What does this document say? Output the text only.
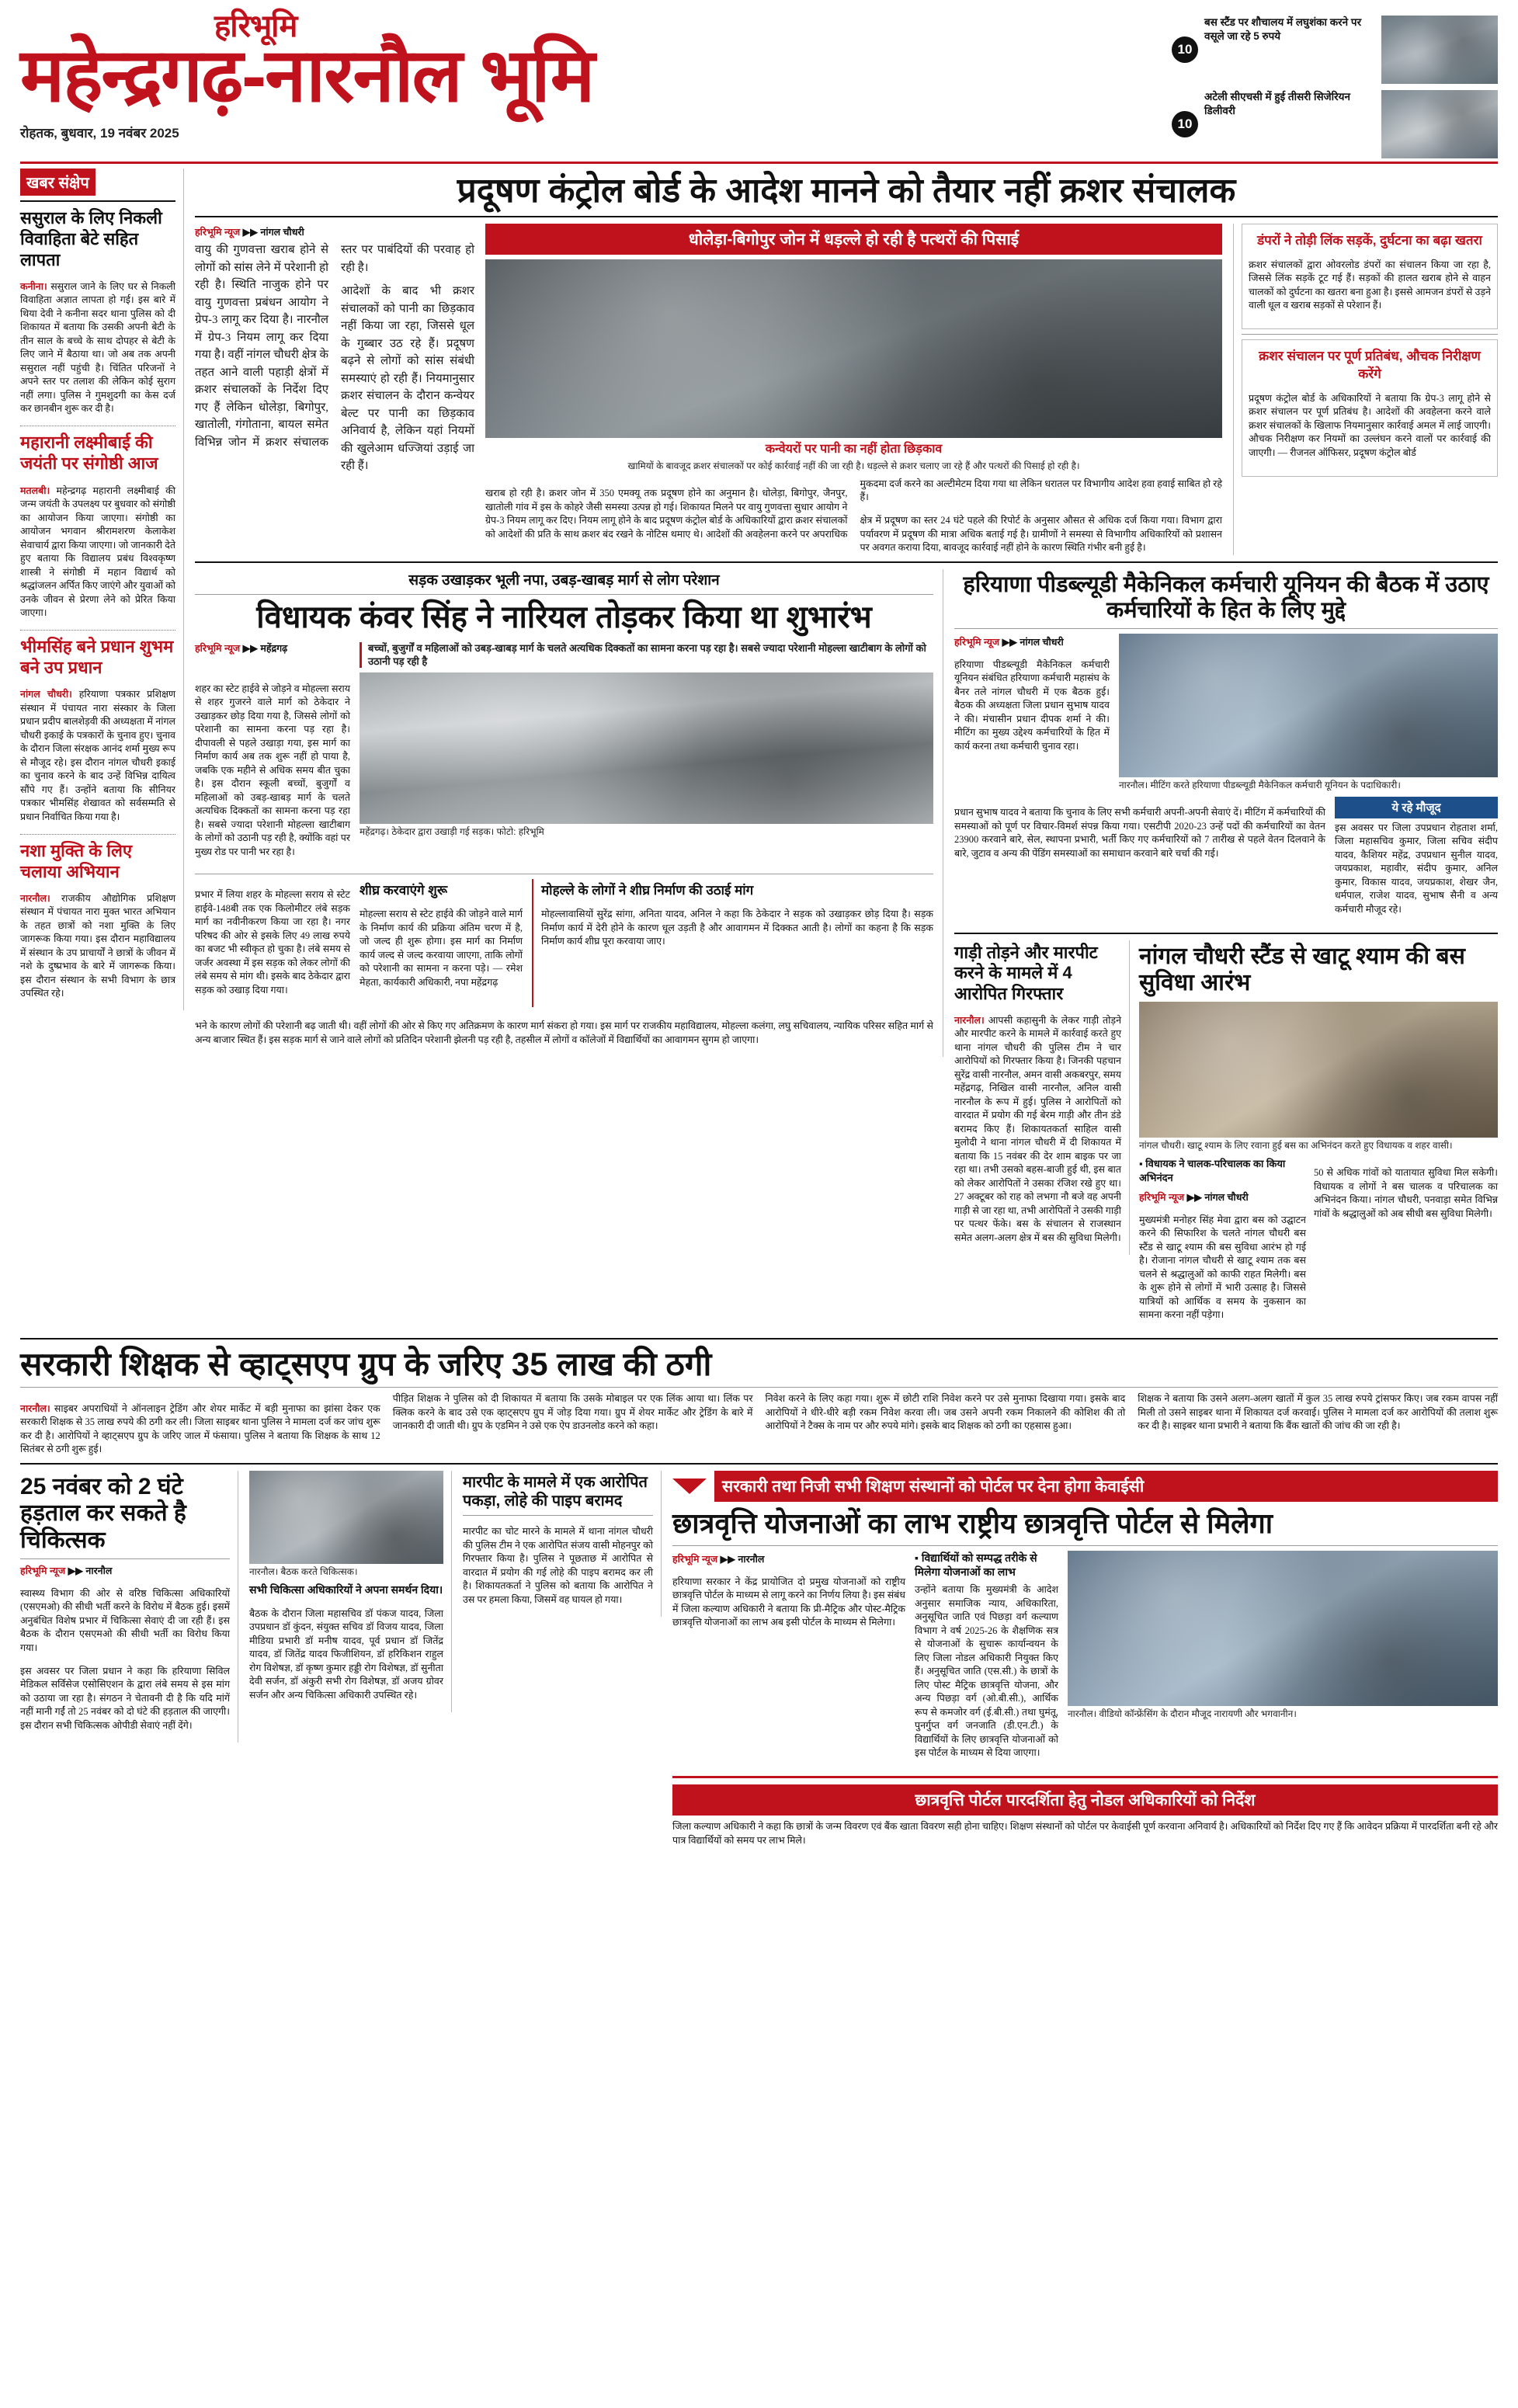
हरिभूमि
महेन्द्रगढ़-नारनौल भूमि
रोहतक, बुधवार, 19 नवंबर 2025
10
बस स्टैंड पर शौचालय में लघुशंका करने पर वसूले जा रहे 5 रुपये
10
अटेली सीएचसी में हुई तीसरी सिजेरियन डिलीवरी
खबर संक्षेप
ससुराल के लिए निकली विवाहिता बेटे सहित लापता

कनीना। ससुराल जाने के लिए घर से निकली विवाहिता अज्ञात लापता हो गई। इस बारे में थिया देवी ने कनीना सदर थाना पुलिस को दी शिकायत में बताया कि उसकी अपनी बेटी के तीन साल के बच्चे के साथ दोपहर से बेटी के लिए जाने में बैठाया था। जो अब तक अपनी ससुराल नहीं पहुंची है। चिंतित परिजनों ने अपने स्तर पर तलाश की लेकिन कोई सुराग नहीं लगा। पुलिस ने गुमशुदगी का केस दर्ज कर छानबीन शुरू कर दी है।

महारानी लक्ष्मीबाई की जयंती पर संगोष्ठी आज

मतलबी। महेन्द्रगढ़ महारानी लक्ष्मीबाई की जन्म जयंती के उपलक्ष्य पर बुधवार को संगोष्ठी का आयोजन किया जाएगा। संगोष्ठी का आयोजन भगवान श्रीरामशरण केलाकेश सेवाचार्य द्वारा किया जाएगा। जो जानकारी देते हुए बताया कि विद्यालय प्रबंध विश्वकृष्ण शास्त्री ने संगोष्ठी में महान विद्यार्थ को श्रद्धांजलन अर्पित किए जाएंगे और युवाओं को उनके जीवन से प्रेरणा लेने को प्रेरित किया जाएगा।

भीमसिंह बने प्रधान शुभम बने उप प्रधान

नांगल चौधरी। हरियाणा पत्रकार प्रशिक्षण संस्थान में पंचायत नारा संस्कार के जिला प्रधान प्रदीप बालशेड़वी की अध्यक्षता में नांगल चौधरी इकाई के पत्रकारों के चुनाव हुए। चुनाव के दौरान जिला संरक्षक आनंद शर्मा मुख्य रूप से मौजूद रहे। इस दौरान नांगल चौधरी इकाई का चुनाव करने के बाद उन्हें विभिन्न दायित्व सौंपे गए हैं। उन्होंने बताया कि सीनियर पत्रकार भीमसिंह शेखावत को सर्वसम्मति से प्रधान निर्वाचित किया गया है।

नशा मुक्ति के लिए चलाया अभियान

नारनौल। राजकीय औद्योगिक प्रशिक्षण संस्थान में पंचायत नारा मुक्त भारत अभियान के तहत छात्रों को नशा मुक्ति के लिए जागरूक किया गया। इस दौरान महाविद्यालय में संस्थान के उप प्राचार्यों ने छात्रों के जीवन में नशे के दुष्प्रभाव के बारे में जागरूक किया। इस दौरान संस्थान के सभी विभाग के छात्र उपस्थित रहे।

प्रदूषण कंट्रोल बोर्ड के आदेश मानने को तैयार नहीं क्रशर संचालक
हरिभूमि न्यूज ▶▶ नांगल चौधरी

वायु की गुणवत्ता खराब होने से लोगों को सांस लेने में परेशानी हो रही है। स्थिति नाजुक होने पर वायु गुणवत्ता प्रबंधन आयोग ने ग्रेप-3 लागू कर दिया है। नारनौल में ग्रेप-3 नियम लागू कर दिया गया है। वहीं नांगल चौधरी क्षेत्र के तहत आने वाली पहाड़ी क्षेत्रों में क्रशर संचालकों के निर्देश दिए गए हैं लेकिन धोलेड़ा, बिगोपुर, खातोली, गंगोताना, बायल समेत विभिन्न जोन में क्रशर संचालक स्तर पर पाबंदियों की परवाह हो रही है।

आदेशों के बाद भी क्रशर संचालकों को पानी का छिड़काव नहीं किया जा रहा, जिससे धूल के गुब्बार उठ रहे हैं। प्रदूषण बढ़ने से लोगों को सांस संबंधी समस्याएं हो रही हैं। नियमानुसार क्रशर संचालन के दौरान कन्वेयर बेल्ट पर पानी का छिड़काव अनिवार्य है, लेकिन यहां नियमों की खुलेआम धज्जियां उड़ाई जा रही हैं।

धोलेड़ा-बिगोपुर जोन में धड़ल्ले हो रही है पत्थरों की पिसाई
कन्वेयरों पर पानी का नहीं होता छिड़काव
खामियों के बावजूद क्रशर संचालकों पर कोई कार्रवाई नहीं की जा रही है। धड़ल्ले से क्रशर चलाए जा रहे हैं और पत्थरों की पिसाई हो रही है।

खराब हो रही है। क्रशर जोन में 350 एमक्यू तक प्रदूषण होने का अनुमान है। धोलेड़ा, बिगोपुर, जैनपुर, खातोली गांव में इस के कोहरे जैसी समस्या उत्पन्न हो गई। शिकायत मिलने पर वायु गुणवत्ता सुधार आयोग ने ग्रेप-3 नियम लागू कर दिए। नियम लागू होने के बाद प्रदूषण कंट्रोल बोर्ड के अधिकारियों द्वारा क्रशर संचालकों को आदेशों की प्रति के साथ क्रशर बंद रखने के नोटिस थमाए थे। आदेशों की अवहेलना करने पर अपराधिक मुकदमा दर्ज करने का अल्टीमेटम दिया गया था लेकिन धरातल पर विभागीय आदेश हवा हवाई साबित हो रहे हैं।

क्षेत्र में प्रदूषण का स्तर 24 घंटे पहले की रिपोर्ट के अनुसार औसत से अधिक दर्ज किया गया। विभाग द्वारा पर्यावरण में प्रदूषण की मात्रा अधिक बताई गई है। ग्रामीणों ने समस्या से विभागीय अधिकारियों को प्रशासन पर अवगत कराया दिया, बावजूद कार्रवाई नहीं होने के कारण स्थिति गंभीर बनी हुई है।

डंपरों ने तोड़ी लिंक सड़कें, दुर्घटना का बढ़ा खतरा

क्रशर संचालकों द्वारा ओवरलोड डंपरों का संचालन किया जा रहा है, जिससे लिंक सड़कें टूट गई हैं। सड़कों की हालत खराब होने से वाहन चालकों को दुर्घटना का खतरा बना हुआ है। इससे आमजन डंपरों से उड़ने वाली धूल व खराब सड़कों से परेशान हैं।

क्रशर संचालन पर पूर्ण प्रतिबंध, औचक निरीक्षण करेंगे

प्रदूषण कंट्रोल बोर्ड के अधिकारियों ने बताया कि ग्रेप-3 लागू होने से क्रशर संचालन पर पूर्ण प्रतिबंध है। आदेशों की अवहेलना करने वाले क्रशर संचालकों के खिलाफ नियमानुसार कार्रवाई अमल में लाई जाएगी। औचक निरीक्षण कर नियमों का उल्लंघन करने वालों पर कार्रवाई की जाएगी। — रीजनल ऑफिसर, प्रदूषण कंट्रोल बोर्ड

सड़क उखाड़कर भूली नपा, उबड़-खाबड़ मार्ग से लोग परेशान
विधायक कंवर सिंह ने नारियल तोड़कर किया था शुभारंभ
हरिभूमि न्यूज ▶▶ महेंद्रगढ़	बच्चों, बुजुर्गों व महिलाओं को उबड़-खाबड़ मार्ग के चलते अत्यधिक दिक्कतों का सामना करना पड़ रहा है। सबसे ज्यादा परेशानी मोहल्ला खाटीबाग के लोगों को उठानी पड़ रही है

शहर का स्टेट हाईवे से जोड़ने व मोहल्ला सराय से शहर गुजरने वाले मार्ग को ठेकेदार ने उखाड़कर छोड़ दिया गया है, जिससे लोगों को परेशानी का सामना करना पड़ रहा है। दीपावली से पहले उखाड़ा गया, इस मार्ग का निर्माण कार्य अब तक शुरू नहीं हो पाया है, जबकि एक महीने से अधिक समय बीत चुका है। इस दौरान स्कूली बच्चों, बुजुर्गों व महिलाओं को उबड़-खाबड़ मार्ग के चलते अत्यधिक दिक्कतों का सामना करना पड़ रहा है। सबसे ज्यादा परेशानी मोहल्ला खाटीबाग के लोगों को उठानी पड़ रही है, क्योंकि वहां पर मुख्य रोड पर पानी भर रहा है।

महेंद्रगढ़। ठेकेदार द्वारा उखाड़ी गई सड़क। फोटो: हरिभूमि

प्रभार में लिया शहर के मोहल्ला सराय से स्टेट हाईवे-148बी तक एक किलोमीटर लंबे सड़क मार्ग का नवीनीकरण किया जा रहा है। नगर परिषद की ओर से इसके लिए 49 लाख रुपये का बजट भी स्वीकृत हो चुका है। लंबे समय से जर्जर अवस्था में इस सड़क को लेकर लोगों की लंबे समय से मांग थी। इसके बाद ठेकेदार द्वारा सड़क को उखाड़ दिया गया।

शीघ्र करवाएंगे शुरू

मोहल्ला सराय से स्टेट हाईवे की जोड़ने वाले मार्ग के निर्माण कार्य की प्रक्रिया अंतिम चरण में है, जो जल्द ही शुरू होगा। इस मार्ग का निर्माण कार्य जल्द से जल्द करवाया जाएगा, ताकि लोगों को परेशानी का सामना न करना पड़े। — रमेश मेहता, कार्यकारी अधिकारी, नपा महेंद्रगढ़

मोहल्ले के लोगों ने शीघ्र निर्माण की उठाई मांग

मोहल्लावासियों सुरेंद्र सांगा, अनिता यादव, अनिल ने कहा कि ठेकेदार ने सड़क को उखाड़कर छोड़ दिया है। सड़क निर्माण कार्य में देरी होने के कारण धूल उड़ती है और आवागमन में दिक्कत आती है। लोगों का कहना है कि सड़क निर्माण कार्य शीघ्र पूरा करवाया जाए।

भने के कारण लोगों की परेशानी बढ़ जाती थी। वहीं लोगों की ओर से किए गए अतिक्रमण के कारण मार्ग संकरा हो गया। इस मार्ग पर राजकीय महाविद्यालय, मोहल्ला कलंगा, लघु सचिवालय, न्यायिक परिसर सहित मार्ग से अन्य बाजार स्थित हैं। इस सड़क मार्ग से जाने वाले लोगों को प्रतिदिन परेशानी झेलनी पड़ रही है, तहसील में लोगों व कॉलेजों में विद्यार्थियों का आवागमन सुगम हो जाएगा।

हरियाणा पीडब्ल्यूडी मैकेनिकल कर्मचारी यूनियन की बैठक में उठाए कर्मचारियों के हित के लिए मुद्दे
हरिभूमि न्यूज ▶▶ नांगल चौधरी

हरियाणा पीडब्ल्यूडी मैकेनिकल कर्मचारी यूनियन संबंधित हरियाणा कर्मचारी महासंघ के बैनर तले नांगल चौधरी में एक बैठक हुई। बैठक की अध्यक्षता जिला प्रधान सुभाष यादव ने की। मंचासीन प्रधान दीपक शर्मा ने की। मीटिंग का मुख्य उद्देश्य कर्मचारियों के हित में कार्य करना तथा कर्मचारी चुनाव रहा।

नारनौल। मीटिंग करते हरियाणा पीडब्ल्यूडी मैकेनिकल कर्मचारी यूनियन के पदाधिकारी।

प्रधान सुभाष यादव ने बताया कि चुनाव के लिए सभी कर्मचारी अपनी-अपनी सेवाएं दें। मीटिंग में कर्मचारियों की समस्याओं को पूर्ण पर विचार-विमर्श संपन्न किया गया। एसटीपी 2020-23 उन्हें पदों की कर्मचारियों का वेतन 23900 करवाने बारे, सेल, स्थापना प्रभारी, भर्ती किए गए कर्मचारियों को 7 तारीख से पहले वेतन दिलवाने के बारे, जुटाव व अन्य की पेंडिंग समस्याओं का समाधान करवाने बारे चर्चा की गई।

ये रहे मौजूद

इस अवसर पर जिला उपप्रधान रोहताश शर्मा, जिला महासचिव कुमार, जिला सचिव संदीप यादव, कैशियर महेंद्र, उपप्रधान सुनील यादव, जयप्रकाश, महावीर, संदीप कुमार, अनिल कुमार, विकास यादव, जयप्रकाश, शेखर जैन, धर्मपाल, राजेश यादव, सुभाष सैनी व अन्य कर्मचारी मौजूद रहे।

गाड़ी तोड़ने और मारपीट करने के मामले में 4 आरोपित गिरफ्तार

नारनौल। आपसी कहासुनी के लेकर गाड़ी तोड़ने और मारपीट करने के मामले में कार्रवाई करते हुए थाना नांगल चौधरी की पुलिस टीम ने चार आरोपियों को गिरफ्तार किया है। जिनकी पहचान सुरेंद्र वासी नारनौल, अमन वासी अकबरपुर, समय महेंद्रगढ़, निखिल वासी नारनौल, अनिल वासी नारनौल के रूप में हुई। पुलिस ने आरोपितों को वारदात में प्रयोग की गई बेरम गाड़ी और तीन डंडे बरामद किए हैं। शिकायतकर्ता साहिल वासी मुलोदी ने थाना नांगल चौधरी में दी शिकायत में बताया कि 15 नवंबर की देर शाम बाइक पर जा रहा था। तभी उसको बहस-बाजी हुई थी, इस बात को लेकर आरोपितों ने उसका रंजिश रखे हुए था। 27 अक्टूबर को राह को लभगा नौ बजे वह अपनी गाड़ी से जा रहा था, तभी आरोपितों ने उसकी गाड़ी पर पत्थर फेंके। बस के संचालन से राजस्थान समेत अलग-अलग क्षेत्र में बस की सुविधा मिलेगी।

नांगल चौधरी स्टैंड से खाटू श्याम की बस सुविधा आरंभ
नांगल चौधरी। खाटू श्याम के लिए रवाना हुई बस का अभिनंदन करते हुए विधायक व शहर वासी।
▪ विधायक ने चालक-परिचालक का किया अभिनंदन
हरिभूमि न्यूज ▶▶ नांगल चौधरी

मुख्यमंत्री मनोहर सिंह मेवा द्वारा बस को उद्घाटन करने की सिफारिश के चलते नांगल चौधरी बस स्टैंड से खाटू श्याम की बस सुविधा आरंभ हो गई है। रोजाना नांगल चौधरी से खाटू श्याम तक बस चलने से श्रद्धालुओं को काफी राहत मिलेगी। बस के शुरू होने से लोगों में भारी उत्साह है। जिससे यात्रियों को आर्थिक व समय के नुकसान का सामना करना नहीं पड़ेगा।

50 से अधिक गांवों को यातायात सुविधा मिल सकेगी। विधायक व लोगों ने बस चालक व परिचालक का अभिनंदन किया। नांगल चौधरी, पनवाड़ा समेत विभिन्न गांवों के श्रद्धालुओं को अब सीधी बस सुविधा मिलेगी।

सरकारी शिक्षक से व्हाट्सएप ग्रुप के जरिए 35 लाख की ठगी

नारनौल। साइबर अपराधियों ने ऑनलाइन ट्रेडिंग और शेयर मार्केट में बड़ी मुनाफा का झांसा देकर एक सरकारी शिक्षक से 35 लाख रुपये की ठगी कर ली। जिला साइबर थाना पुलिस ने मामला दर्ज कर जांच शुरू कर दी है। आरोपियों ने व्हाट्सएप ग्रुप के जरिए जाल में फंसाया। पुलिस ने बताया कि शिक्षक के साथ 12 सितंबर से ठगी शुरू हुई।

पीड़ित शिक्षक ने पुलिस को दी शिकायत में बताया कि उसके मोबाइल पर एक लिंक आया था। लिंक पर क्लिक करने के बाद उसे एक व्हाट्सएप ग्रुप में जोड़ दिया गया। ग्रुप में शेयर मार्केट और ट्रेडिंग के बारे में जानकारी दी जाती थी। ग्रुप के एडमिन ने उसे एक ऐप डाउनलोड करने को कहा।

निवेश करने के लिए कहा गया। शुरू में छोटी राशि निवेश करने पर उसे मुनाफा दिखाया गया। इसके बाद आरोपियों ने धीरे-धीरे बड़ी रकम निवेश करवा ली। जब उसने अपनी रकम निकालने की कोशिश की तो आरोपियों ने टैक्स के नाम पर और रुपये मांगे। इसके बाद शिक्षक को ठगी का एहसास हुआ।

शिक्षक ने बताया कि उसने अलग-अलग खातों में कुल 35 लाख रुपये ट्रांसफर किए। जब रकम वापस नहीं मिली तो उसने साइबर थाना में शिकायत दर्ज करवाई। पुलिस ने मामला दर्ज कर आरोपियों की तलाश शुरू कर दी है। साइबर थाना प्रभारी ने बताया कि बैंक खातों की जांच की जा रही है।

25 नवंबर को 2 घंटे हड़ताल कर सकते है चिकित्सक
हरिभूमि न्यूज ▶▶ नारनौल

स्वास्थ्य विभाग की ओर से वरिष्ठ चिकित्सा अधिकारियों (एसएमओ) की सीधी भर्ती करने के विरोध में बैठक हुई। इसमें अनुबंधित विशेष प्रभार में चिकित्सा सेवाएं दी जा रही हैं। इस बैठक के दौरान एसएमओ की सीधी भर्ती का विरोध किया गया।

इस अवसर पर जिला प्रधान ने कहा कि हरियाणा सिविल मेडिकल सर्विसेज एसोसिएशन के द्वारा लंबे समय से इस मांग को उठाया जा रहा है। संगठन ने चेतावनी दी है कि यदि मांगें नहीं मानी गईं तो 25 नवंबर को दो घंटे की हड़ताल की जाएगी। इस दौरान सभी चिकित्सक ओपीडी सेवाएं नहीं देंगे।

नारनौल। बैठक करते चिकित्सक।
सभी चिकित्सा अधिकारियों ने अपना समर्थन दिया।

बैठक के दौरान जिला महासचिव डॉ पंकज यादव, जिला उपप्रधान डॉ कुंदन, संयुक्त सचिव डॉ विजय यादव, जिला मीडिया प्रभारी डॉ मनीष यादव, पूर्व प्रधान डॉ जितेंद्र यादव, डॉ जितेंद्र यादव फिजीशियन, डॉ हरिकिशन राहुल रोग विशेषज्ञ, डॉ कृष्ण कुमार हड्डी रोग विशेषज्ञ, डॉ सुनीता देवी सर्जन, डॉ अंकुरी सभी रोग विशेषज्ञ, डॉ अजय ग्रोवर सर्जन और अन्य चिकित्सा अधिकारी उपस्थित रहे।

मारपीट के मामले में एक आरोपित पकड़ा, लोहे की पाइप बरामद

मारपीट का चोट मारने के मामले में थाना नांगल चौधरी की पुलिस टीम ने एक आरोपित संजय वासी मोहनपुर को गिरफ्तार किया है। पुलिस ने पूछताछ में आरोपित से वारदात में प्रयोग की गई लोहे की पाइप बरामद कर ली है। शिकायतकर्ता ने पुलिस को बताया कि आरोपित ने उस पर हमला किया, जिसमें वह घायल हो गया।

सरकारी तथा निजी सभी शिक्षण संस्थानों को पोर्टल पर देना होगा केवाईसी
छात्रवृत्ति योजनाओं का लाभ राष्ट्रीय छात्रवृत्ति पोर्टल से मिलेगा
हरिभूमि न्यूज ▶▶ नारनौल

हरियाणा सरकार ने केंद्र प्रायोजित दो प्रमुख योजनाओं को राष्ट्रीय छात्रवृत्ति पोर्टल के माध्यम से लागू करने का निर्णय लिया है। इस संबंध में जिला कल्याण अधिकारी ने बताया कि प्री-मैट्रिक और पोस्ट-मैट्रिक छात्रवृत्ति योजनाओं का लाभ अब इसी पोर्टल के माध्यम से मिलेगा।

▪ विद्यार्थियों को सम्पद्ध तरीके से मिलेगा योजनाओं का लाभ

उन्होंने बताया कि मुख्यमंत्री के आदेश अनुसार समाजिक न्याय, अधिकारिता, अनुसूचित जाति एवं पिछड़ा वर्ग कल्याण विभाग ने वर्ष 2025-26 के शैक्षणिक सत्र से योजनाओं के सुचारू कार्यान्वयन के लिए जिला नोडल अधिकारी नियुक्त किए हैं। अनुसूचित जाति (एस.सी.) के छात्रों के लिए पोस्ट मैट्रिक छात्रवृत्ति योजना, और अन्य पिछड़ा वर्ग (ओ.बी.सी.), आर्थिक रूप से कमजोर वर्ग (ई.बी.सी.) तथा घुमंतू, पुनर्गुप्त वर्ग जनजाति (डी.एन.टी.) के विद्यार्थियों के लिए छात्रवृत्ति योजनाओं को इस पोर्टल के माध्यम से दिया जाएगा।

नारनौल। वीडियो कॉन्फ्रेंसिंग के दौरान मौजूद नारायणी और भगवानीन।
छात्रवृत्ति पोर्टल पारदर्शिता हेतु नोडल अधिकारियों को निर्देश

जिला कल्याण अधिकारी ने कहा कि छात्रों के जन्म विवरण एवं बैंक खाता विवरण सही होना चाहिए। शिक्षण संस्थानों को पोर्टल पर केवाईसी पूर्ण करवाना अनिवार्य है। अधिकारियों को निर्देश दिए गए हैं कि आवेदन प्रक्रिया में पारदर्शिता बनी रहे और पात्र विद्यार्थियों को समय पर लाभ मिले।
